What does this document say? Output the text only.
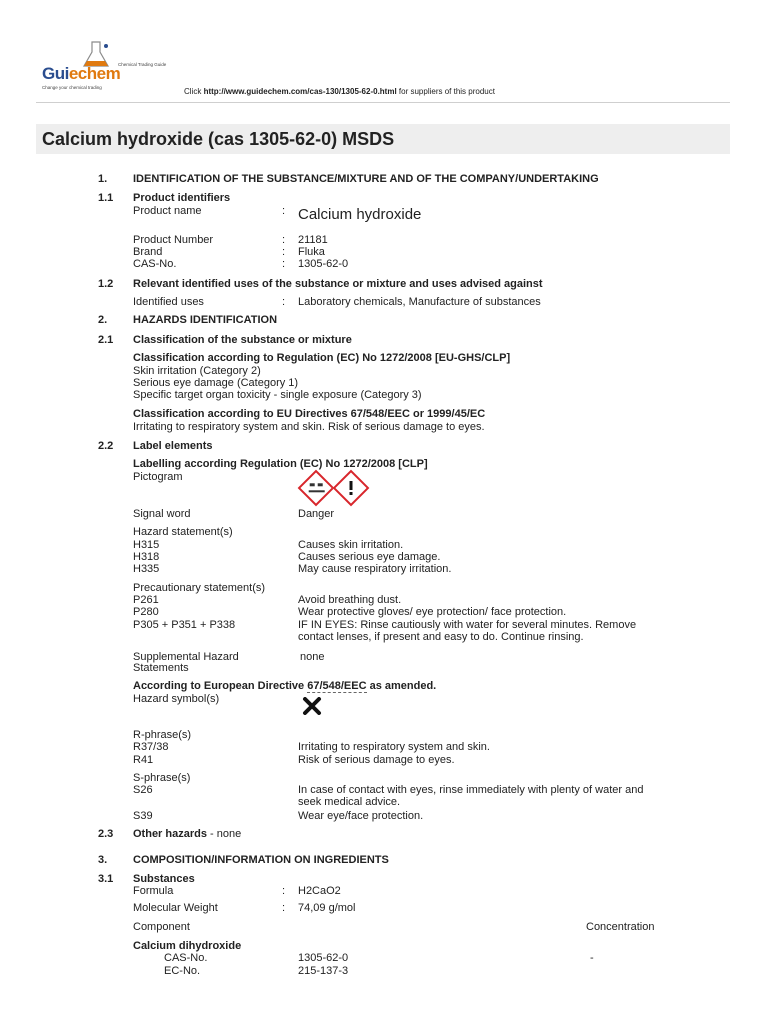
Guiechem
Chemical Trading Guide
Change your chemical trading	Click http://www.guidechem.com/cas-130/1305-62-0.html for suppliers of this product
Calcium hydroxide (cas 1305-62-0) MSDS
1. IDENTIFICATION OF THE SUBSTANCE/MIXTURE AND OF THE COMPANY/UNDERTAKING
1.1 Product identifiers
Product name	: Calcium hydroxide
Product Number	: 21181
Brand	: Fluka
CAS-No.	: 1305-62-0
1.2 Relevant identified uses of the substance or mixture and uses advised against
Identified uses	: Laboratory chemicals, Manufacture of substances
2. HAZARDS IDENTIFICATION
2.1 Classification of the substance or mixture
Classification according to Regulation (EC) No 1272/2008 [EU-GHS/CLP]
Skin irritation (Category 2)
Serious eye damage (Category 1)
Specific target organ toxicity - single exposure (Category 3)
Classification according to EU Directives 67/548/EEC or 1999/45/EC
Irritating to respiratory system and skin. Risk of serious damage to eyes.
2.2 Label elements
Labelling according Regulation (EC) No 1272/2008 [CLP]
Pictogram
Signal word	Danger
Hazard statement(s)
H315	Causes skin irritation.
H318	Causes serious eye damage.
H335	May cause respiratory irritation.
Precautionary statement(s)
P261	Avoid breathing dust.
P280	Wear protective gloves/ eye protection/ face protection.
P305 + P351 + P338	IF IN EYES: Rinse cautiously with water for several minutes. Remove
contact lenses, if present and easy to do. Continue rinsing.
Supplemental Hazard
Statements
none
According to European Directive 67/548/EEC as amended.
Hazard symbol(s)
R-phrase(s)
R37/38	Irritating to respiratory system and skin.
R41	Risk of serious damage to eyes.
S-phrase(s)
S26	In case of contact with eyes, rinse immediately with plenty of water and
seek medical advice.
S39	Wear eye/face protection.
2.3 Other hazards - none
3. COMPOSITION/INFORMATION ON INGREDIENTS
3.1 Substances
Formula	: H2CaO2
Molecular Weight	: 74,09 g/mol
Component	Concentration
Calcium dihydroxide
CAS-No.	1305-62-0	-
EC-No.	215-137-3
